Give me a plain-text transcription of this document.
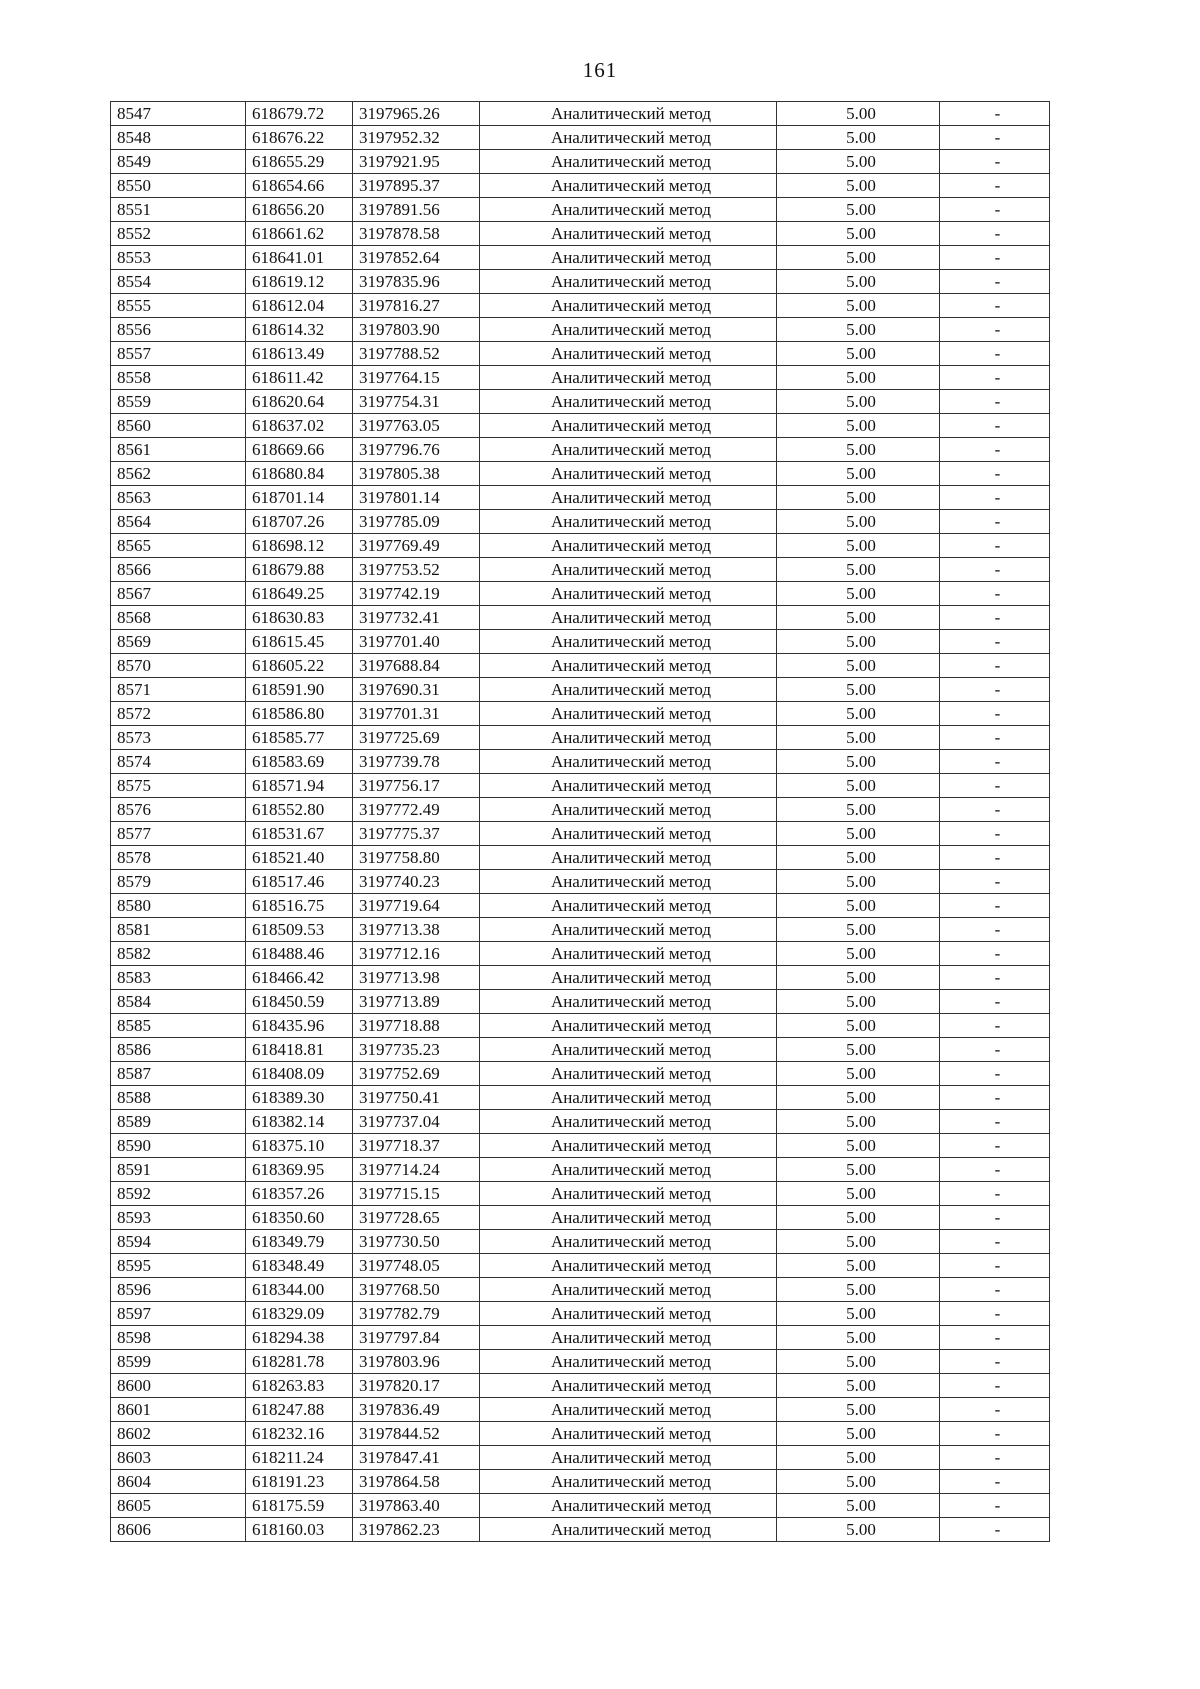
161
8547	618679.72	3197965.26	Аналитический метод	5.00	-
8548	618676.22	3197952.32	Аналитический метод	5.00	-
8549	618655.29	3197921.95	Аналитический метод	5.00	-
8550	618654.66	3197895.37	Аналитический метод	5.00	-
8551	618656.20	3197891.56	Аналитический метод	5.00	-
8552	618661.62	3197878.58	Аналитический метод	5.00	-
8553	618641.01	3197852.64	Аналитический метод	5.00	-
8554	618619.12	3197835.96	Аналитический метод	5.00	-
8555	618612.04	3197816.27	Аналитический метод	5.00	-
8556	618614.32	3197803.90	Аналитический метод	5.00	-
8557	618613.49	3197788.52	Аналитический метод	5.00	-
8558	618611.42	3197764.15	Аналитический метод	5.00	-
8559	618620.64	3197754.31	Аналитический метод	5.00	-
8560	618637.02	3197763.05	Аналитический метод	5.00	-
8561	618669.66	3197796.76	Аналитический метод	5.00	-
8562	618680.84	3197805.38	Аналитический метод	5.00	-
8563	618701.14	3197801.14	Аналитический метод	5.00	-
8564	618707.26	3197785.09	Аналитический метод	5.00	-
8565	618698.12	3197769.49	Аналитический метод	5.00	-
8566	618679.88	3197753.52	Аналитический метод	5.00	-
8567	618649.25	3197742.19	Аналитический метод	5.00	-
8568	618630.83	3197732.41	Аналитический метод	5.00	-
8569	618615.45	3197701.40	Аналитический метод	5.00	-
8570	618605.22	3197688.84	Аналитический метод	5.00	-
8571	618591.90	3197690.31	Аналитический метод	5.00	-
8572	618586.80	3197701.31	Аналитический метод	5.00	-
8573	618585.77	3197725.69	Аналитический метод	5.00	-
8574	618583.69	3197739.78	Аналитический метод	5.00	-
8575	618571.94	3197756.17	Аналитический метод	5.00	-
8576	618552.80	3197772.49	Аналитический метод	5.00	-
8577	618531.67	3197775.37	Аналитический метод	5.00	-
8578	618521.40	3197758.80	Аналитический метод	5.00	-
8579	618517.46	3197740.23	Аналитический метод	5.00	-
8580	618516.75	3197719.64	Аналитический метод	5.00	-
8581	618509.53	3197713.38	Аналитический метод	5.00	-
8582	618488.46	3197712.16	Аналитический метод	5.00	-
8583	618466.42	3197713.98	Аналитический метод	5.00	-
8584	618450.59	3197713.89	Аналитический метод	5.00	-
8585	618435.96	3197718.88	Аналитический метод	5.00	-
8586	618418.81	3197735.23	Аналитический метод	5.00	-
8587	618408.09	3197752.69	Аналитический метод	5.00	-
8588	618389.30	3197750.41	Аналитический метод	5.00	-
8589	618382.14	3197737.04	Аналитический метод	5.00	-
8590	618375.10	3197718.37	Аналитический метод	5.00	-
8591	618369.95	3197714.24	Аналитический метод	5.00	-
8592	618357.26	3197715.15	Аналитический метод	5.00	-
8593	618350.60	3197728.65	Аналитический метод	5.00	-
8594	618349.79	3197730.50	Аналитический метод	5.00	-
8595	618348.49	3197748.05	Аналитический метод	5.00	-
8596	618344.00	3197768.50	Аналитический метод	5.00	-
8597	618329.09	3197782.79	Аналитический метод	5.00	-
8598	618294.38	3197797.84	Аналитический метод	5.00	-
8599	618281.78	3197803.96	Аналитический метод	5.00	-
8600	618263.83	3197820.17	Аналитический метод	5.00	-
8601	618247.88	3197836.49	Аналитический метод	5.00	-
8602	618232.16	3197844.52	Аналитический метод	5.00	-
8603	618211.24	3197847.41	Аналитический метод	5.00	-
8604	618191.23	3197864.58	Аналитический метод	5.00	-
8605	618175.59	3197863.40	Аналитический метод	5.00	-
8606	618160.03	3197862.23	Аналитический метод	5.00	-
